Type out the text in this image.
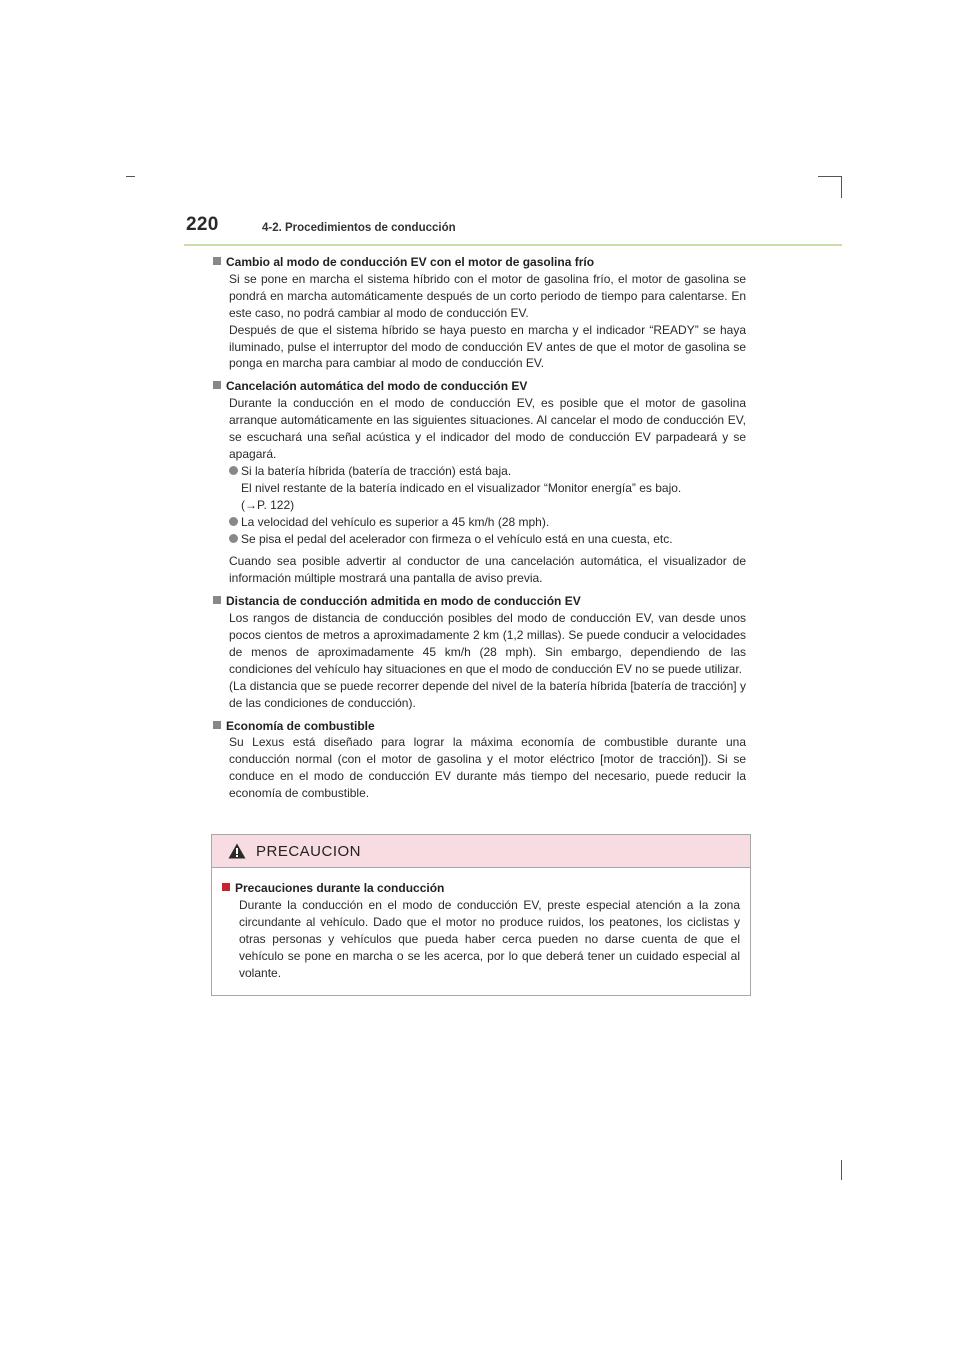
220	4-2. Procedimientos de conducción
Cambio al modo de conducción EV con el motor de gasolina frío

Si se pone en marcha el sistema híbrido con el motor de gasolina frío, el motor de gasolina se pondrá en marcha automáticamente después de un corto periodo de tiempo para calentarse. En este caso, no podrá cambiar al modo de conducción EV.

Después de que el sistema híbrido se haya puesto en marcha y el indicador “READY” se haya iluminado, pulse el interruptor del modo de conducción EV antes de que el motor de gasolina se ponga en marcha para cambiar al modo de conducción EV.

Cancelación automática del modo de conducción EV

Durante la conducción en el modo de conducción EV, es posible que el motor de gasolina arranque automáticamente en las siguientes situaciones. Al cancelar el modo de conducción EV, se escuchará una señal acústica y el indicador del modo de conducción EV parpadeará y se apagará.

Si la batería híbrida (batería de tracción) está baja.
El nivel restante de la batería indicado en el visualizador “Monitor energía” es bajo.
(→P. 122)
La velocidad del vehículo es superior a 45 km/h (28 mph).
Se pisa el pedal del acelerador con firmeza o el vehículo está en una cuesta, etc.

Cuando sea posible advertir al conductor de una cancelación automática, el visualizador de información múltiple mostrará una pantalla de aviso previa.

Distancia de conducción admitida en modo de conducción EV

Los rangos de distancia de conducción posibles del modo de conducción EV, van desde unos pocos cientos de metros a aproximadamente 2 km (1,2 millas). Se puede conducir a velocidades de menos de aproximadamente 45 km/h (28 mph). Sin embargo, dependiendo de las condiciones del vehículo hay situaciones en que el modo de conducción EV no se puede utilizar.

(La distancia que se puede recorrer depende del nivel de la batería híbrida [batería de tracción] y de las condiciones de conducción).

Economía de combustible

Su Lexus está diseñado para lograr la máxima economía de combustible durante una conducción normal (con el motor de gasolina y el motor eléctrico [motor de tracción]). Si se conduce en el modo de conducción EV durante más tiempo del necesario, puede reducir la economía de combustible.

PRECAUCION
Precauciones durante la conducción

Durante la conducción en el modo de conducción EV, preste especial atención a la zona circundante al vehículo. Dado que el motor no produce ruidos, los peatones, los ciclistas y otras personas y vehículos que pueda haber cerca pueden no darse cuenta de que el vehículo se pone en marcha o se les acerca, por lo que deberá tener un cuidado especial al volante.
